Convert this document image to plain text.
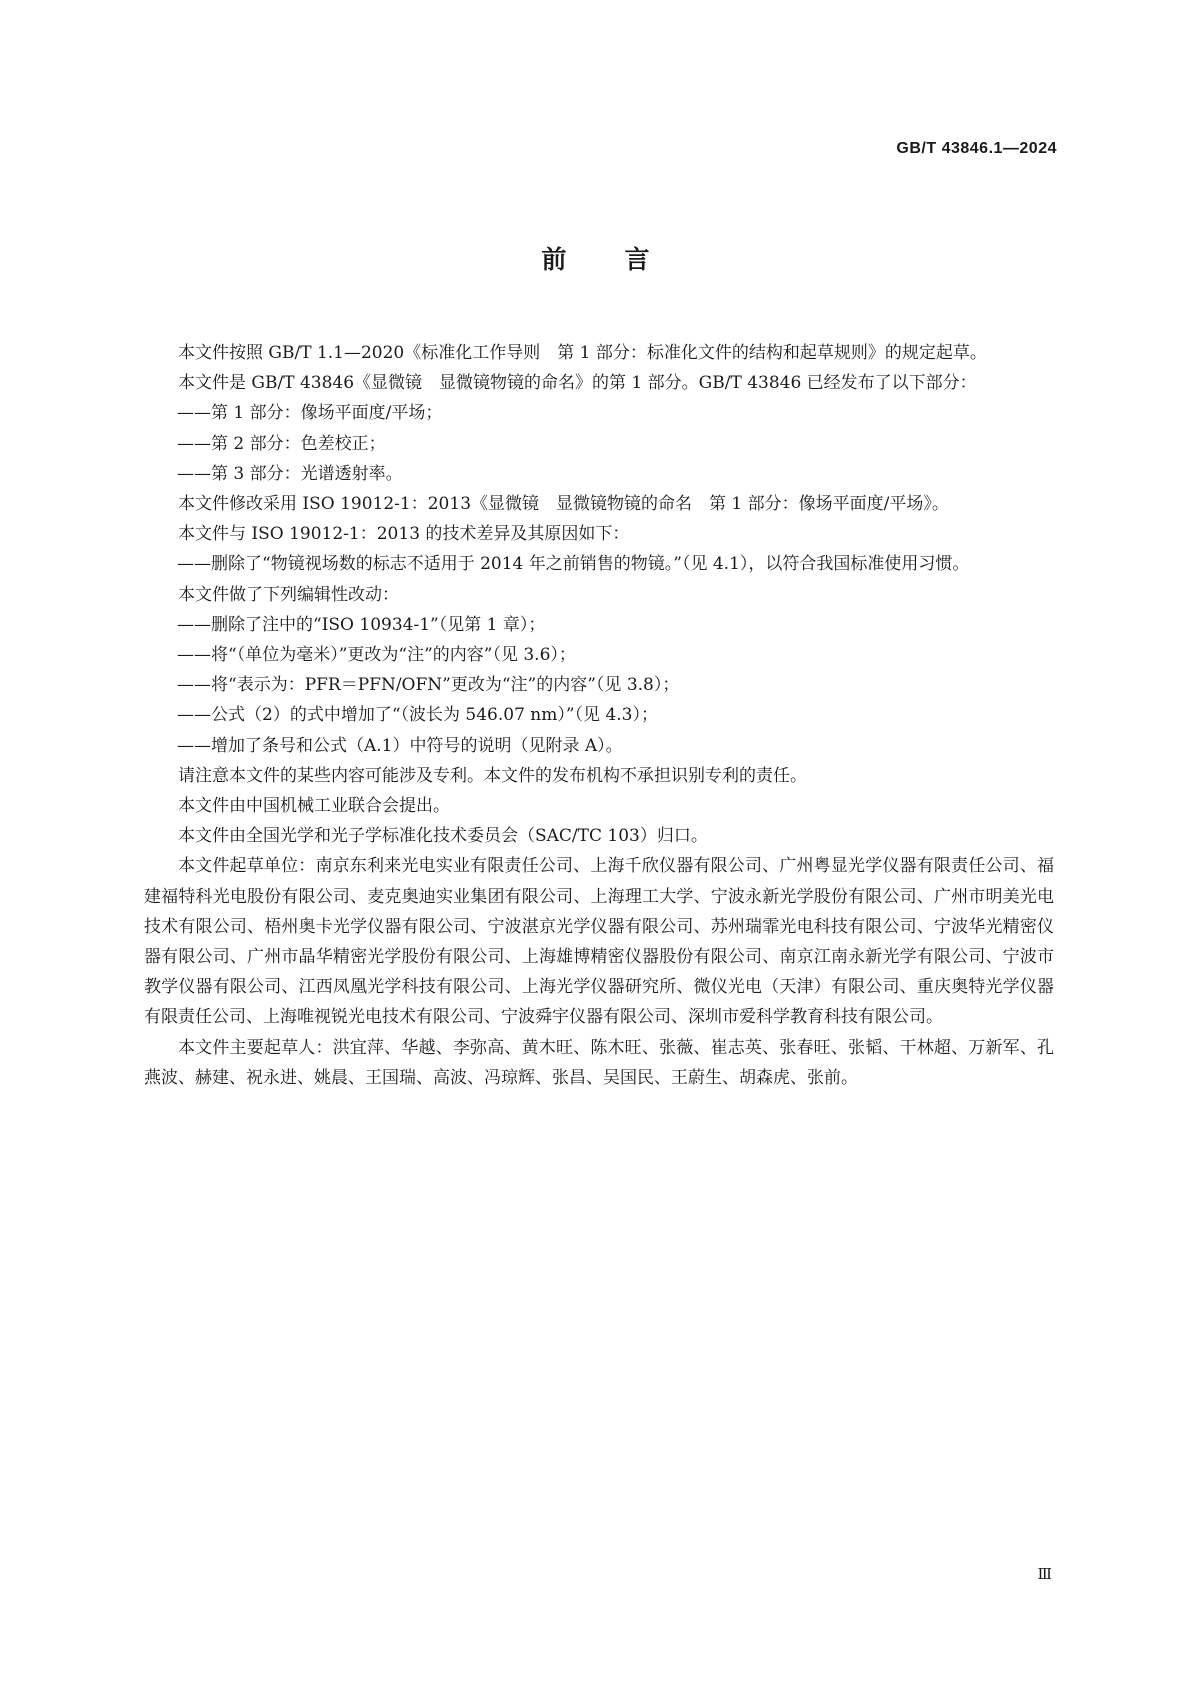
GB/T 43846.1—2024
前言

本文件按照 GB/T 1.1—2020《标准化工作导则　第 1 部分：标准化文件的结构和起草规则》的规定起草。

本文件是 GB/T 43846《显微镜　显微镜物镜的命名》的第 1 部分。GB/T 43846 已经发布了以下部分：

——第 1 部分：像场平面度/平场；

——第 2 部分：色差校正；

——第 3 部分：光谱透射率。

本文件修改采用 ISO 19012-1：2013《显微镜　显微镜物镜的命名　第 1 部分：像场平面度/平场》。

本文件与 ISO 19012-1：2013 的技术差异及其原因如下：

——删除了“物镜视场数的标志不适用于 2014 年之前销售的物镜。”（见 4.1），以符合我国标准使用习惯。

本文件做了下列编辑性改动：

——删除了注中的“ISO 10934-1”（见第 1 章）；

——将“（单位为毫米）”更改为“注”的内容”（见 3.6）；

——将“表示为：PFR＝PFN/OFN”更改为“注”的内容”（见 3.8）；

——公式（2）的式中增加了“（波长为 546.07 nm）”（见 4.3）；

——增加了条号和公式（A.1）中符号的说明（见附录 A）。

请注意本文件的某些内容可能涉及专利。本文件的发布机构不承担识别专利的责任。

本文件由中国机械工业联合会提出。

本文件由全国光学和光子学标准化技术委员会（SAC/TC 103）归口。

本文件起草单位：南京东利来光电实业有限责任公司、上海千欣仪器有限公司、广州粤显光学仪器有限责任公司、福建福特科光电股份有限公司、麦克奥迪实业集团有限公司、上海理工大学、宁波永新光学股份有限公司、广州市明美光电技术有限公司、梧州奥卡光学仪器有限公司、宁波湛京光学仪器有限公司、苏州瑞霏光电科技有限公司、宁波华光精密仪器有限公司、广州市晶华精密光学股份有限公司、上海雄博精密仪器股份有限公司、南京江南永新光学有限公司、宁波市教学仪器有限公司、江西凤凰光学科技有限公司、上海光学仪器研究所、微仪光电（天津）有限公司、重庆奥特光学仪器有限责任公司、上海唯视锐光电技术有限公司、宁波舜宇仪器有限公司、深圳市爱科学教育科技有限公司。

本文件主要起草人：洪宜萍、华越、李弥高、黄木旺、陈木旺、张薇、崔志英、张春旺、张韬、干林超、万新军、孔燕波、赫建、祝永进、姚晨、王国瑞、高波、冯琼辉、张昌、吴国民、王蔚生、胡森虎、张前。

Ⅲ
